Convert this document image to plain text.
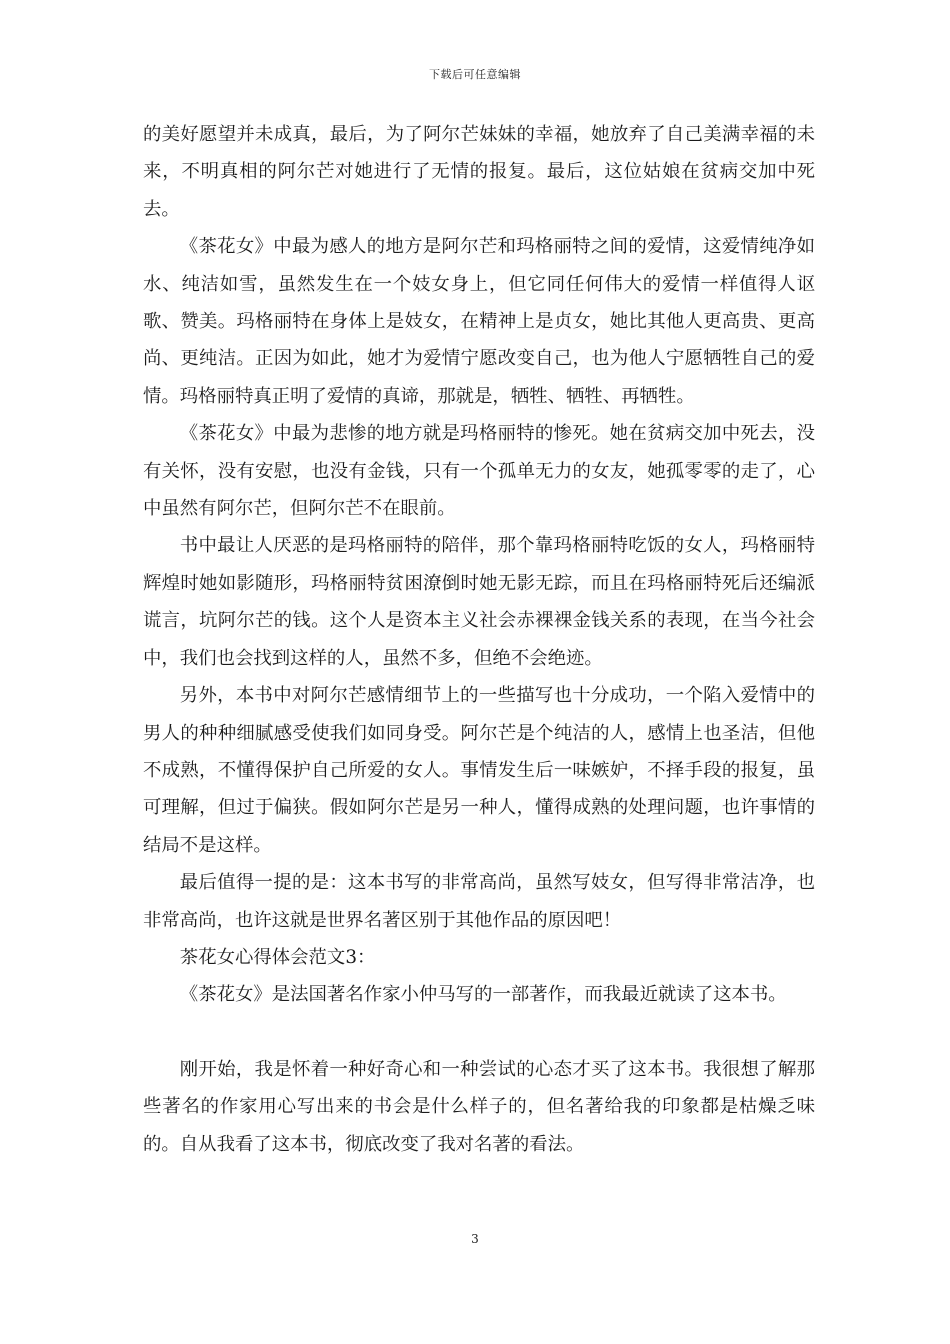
下载后可任意编辑

的美好愿望并未成真，最后，为了阿尔芒妹妹的幸福，她放弃了自己美满幸福的未来，不明真相的阿尔芒对她进行了无情的报复。最后，这位姑娘在贫病交加中死去。

《茶花女》中最为感人的地方是阿尔芒和玛格丽特之间的爱情，这爱情纯净如水、纯洁如雪，虽然发生在一个妓女身上，但它同任何伟大的爱情一样值得人讴歌、赞美。玛格丽特在身体上是妓女，在精神上是贞女，她比其他人更高贵、更高尚、更纯洁。正因为如此，她才为爱情宁愿改变自己，也为他人宁愿牺牲自己的爱情。玛格丽特真正明了爱情的真谛，那就是，牺牲、牺牲、再牺牲。

《茶花女》中最为悲惨的地方就是玛格丽特的惨死。她在贫病交加中死去，没有关怀，没有安慰，也没有金钱，只有一个孤单无力的女友，她孤零零的走了，心中虽然有阿尔芒，但阿尔芒不在眼前。

书中最让人厌恶的是玛格丽特的陪伴，那个靠玛格丽特吃饭的女人，玛格丽特辉煌时她如影随形，玛格丽特贫困潦倒时她无影无踪，而且在玛格丽特死后还编派谎言，坑阿尔芒的钱。这个人是资本主义社会赤裸裸金钱关系的表现，在当今社会中，我们也会找到这样的人，虽然不多，但绝不会绝迹。

另外，本书中对阿尔芒感情细节上的一些描写也十分成功，一个陷入爱情中的男人的种种细腻感受使我们如同身受。阿尔芒是个纯洁的人，感情上也圣洁，但他不成熟，不懂得保护自己所爱的女人。事情发生后一味嫉妒，不择手段的报复，虽可理解，但过于偏狭。假如阿尔芒是另一种人，懂得成熟的处理问题，也许事情的结局不是这样。

最后值得一提的是：这本书写的非常高尚，虽然写妓女，但写得非常洁净，也非常高尚，也许这就是世界名著区别于其他作品的原因吧！

茶花女心得体会范文3：

《茶花女》是法国著名作家小仲马写的一部著作，而我最近就读了这本书。

刚开始，我是怀着一种好奇心和一种尝试的心态才买了这本书。我很想了解那些著名的作家用心写出来的书会是什么样子的，但名著给我的印象都是枯燥乏味的。自从我看了这本书，彻底改变了我对名著的看法。

3
